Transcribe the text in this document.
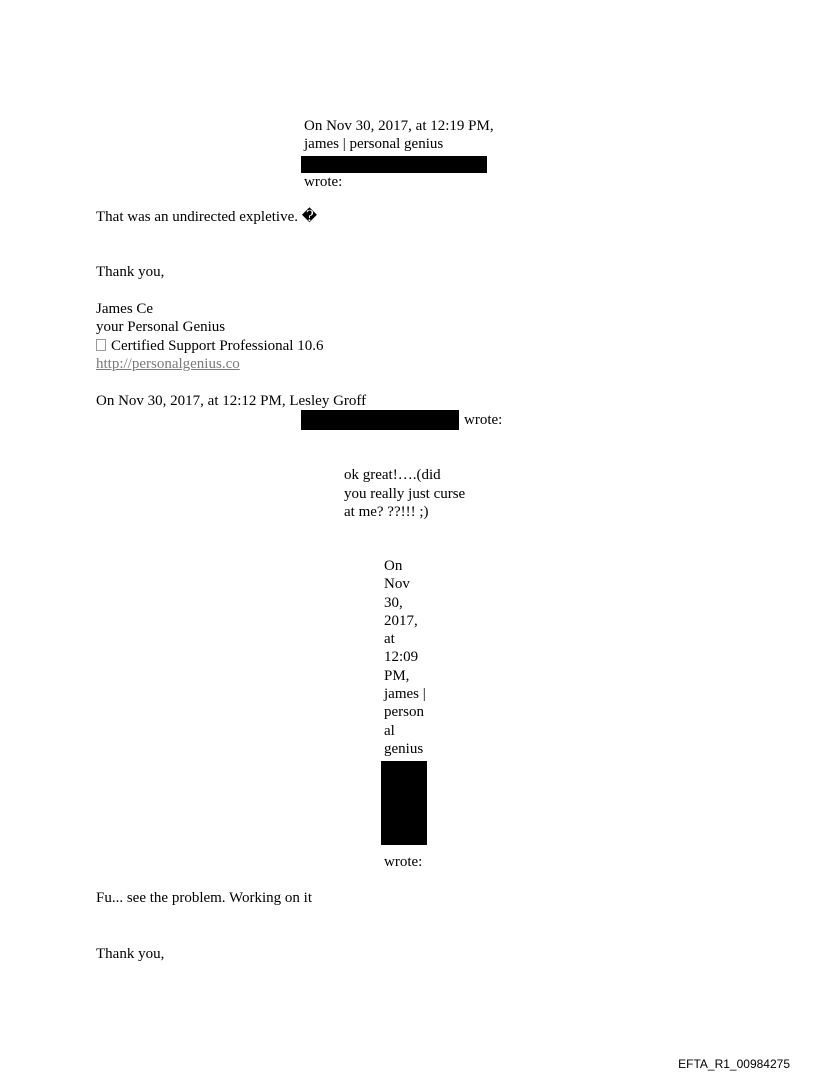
On Nov 30, 2017, at 12:19 PM,
james | personal genius
wrote:
That was an undirected expletive. �
Thank you,
James Ce
your Personal Genius
Certified Support Professional 10.6
http://personalgenius.co
On Nov 30, 2017, at 12:12 PM, Lesley Groff
wrote:
ok great!….(did
you really just curse
at me? ??!!! ;)
On
Nov
30,
2017,
at
12:09
PM,
james |
person
al
genius
wrote:
Fu... see the problem. Working on it
Thank you,
EFTA_R1_00984275
